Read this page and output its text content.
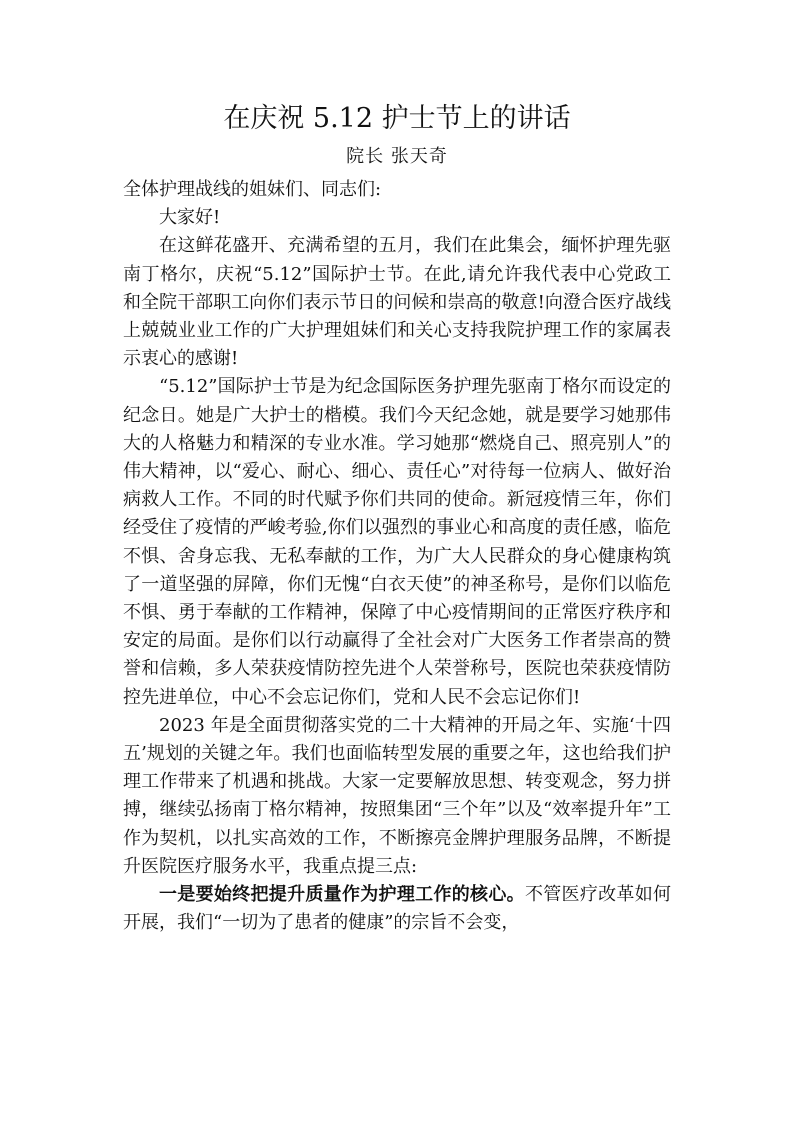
在庆祝 5.12 护士节上的讲话
院长 张天奇

全体护理战线的姐妹们、同志们:

大家好!

在这鲜花盛开、充满希望的五月，我们在此集会，缅怀护理先驱南丁格尔，庆祝“5.12”国际护士节。在此,请允许我代表中心党政工和全院干部职工向你们表示节日的问候和崇高的敬意!向澄合医疗战线上兢兢业业工作的广大护理姐妹们和关心支持我院护理工作的家属表示衷心的感谢!

“5.12”国际护士节是为纪念国际医务护理先驱南丁格尔而设定的纪念日。她是广大护士的楷模。我们今天纪念她，就是要学习她那伟大的人格魅力和精深的专业水准。学习她那“燃烧自己、照亮别人”的伟大精神，以“爱心、耐心、细心、责任心”对待每一位病人、做好治病救人工作。不同的时代赋予你们共同的使命。新冠疫情三年，你们经受住了疫情的严峻考验,你们以强烈的事业心和高度的责任感，临危不惧、舍身忘我、无私奉献的工作，为广大人民群众的身心健康构筑了一道坚强的屏障，你们无愧“白衣天使”的神圣称号，是你们以临危不惧、勇于奉献的工作精神，保障了中心疫情期间的正常医疗秩序和安定的局面。是你们以行动赢得了全社会对广大医务工作者崇高的赞誉和信赖，多人荣获疫情防控先进个人荣誉称号，医院也荣获疫情防控先进单位，中心不会忘记你们，党和人民不会忘记你们!

2023 年是全面贯彻落实党的二十大精神的开局之年、实施‘十四五’规划的关键之年。我们也面临转型发展的重要之年，这也给我们护理工作带来了机遇和挑战。大家一定要解放思想、转变观念，努力拼搏，继续弘扬南丁格尔精神，按照集团“三个年”以及“效率提升年”工作为契机，以扎实高效的工作，不断擦亮金牌护理服务品牌，不断提升医院医疗服务水平，我重点提三点:

一是要始终把提升质量作为护理工作的核心。不管医疗改革如何开展，我们“一切为了患者的健康”的宗旨不会变，
